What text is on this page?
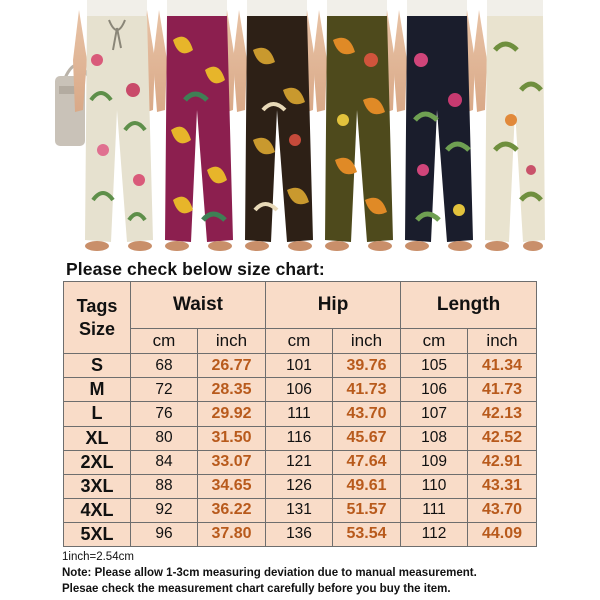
Please check below size chart:
Tags
Size	Waist		Hip		Length	
	cm	inch	cm	inch	cm	inch
S	68	26.77	101	39.76	105	41.34
M	72	28.35	106	41.73	106	41.73
L	76	29.92	111	43.70	107	42.13
XL	80	31.50	116	45.67	108	42.52
2XL	84	33.07	121	47.64	109	42.91
3XL	88	34.65	126	49.61	110	43.31
4XL	92	36.22	131	51.57	111	43.70
5XL	96	37.80	136	53.54	112	44.09
1inch=2.54cm
Note: Please allow 1-3cm measuring deviation due to manual measurement.
Plesae check the measurement chart carefully before you buy the item.
